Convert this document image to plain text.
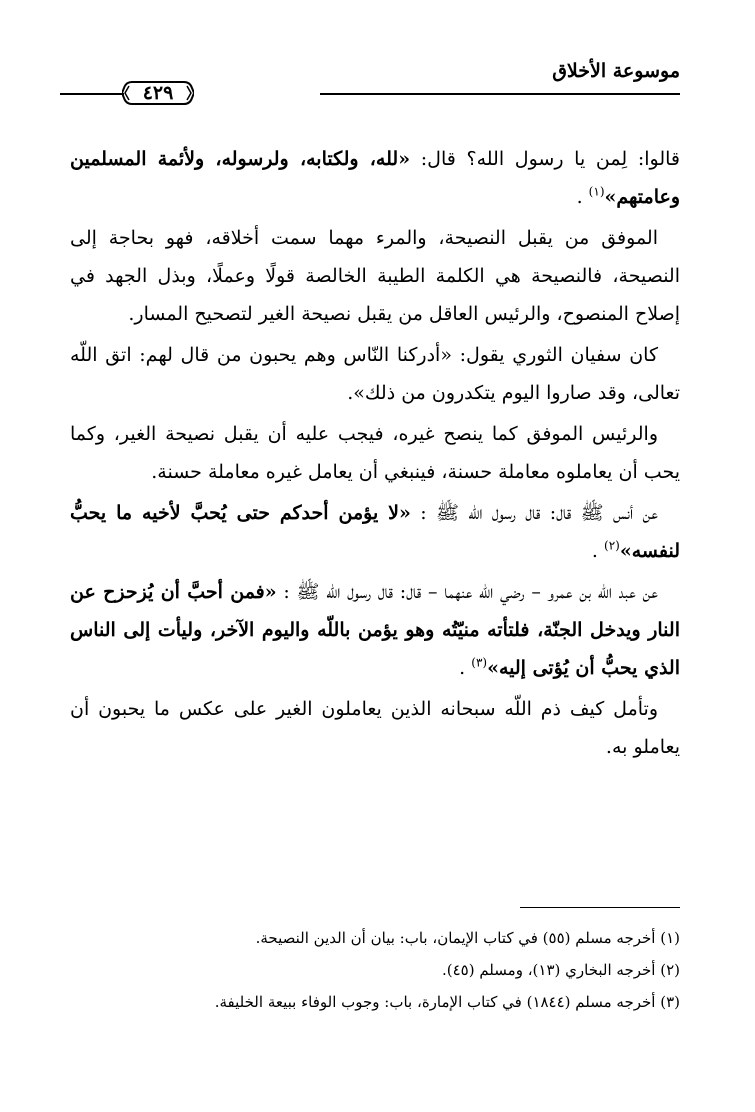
موسوعة الأخلاق
٤٢٩

قالوا: لِمن يا رسول الله؟ قال: «لله، ولكتابه، ولرسوله، ولأئمة المسلمين وعامتهم»$^{(١)}$ .

الموفق من يقبل النصيحة، والمرء مهما سمت أخلاقه، فهو بحاجة إلى النصيحة، فالنصيحة هي الكلمة الطيبة الخالصة قولًا وعملًا، وبذل الجهد في إصلاح المنصوح، والرئيس العاقل من يقبل نصيحة الغير لتصحيح المسار.

كان سفيان الثوري يقول: «أدركنا النّاس وهم يحبون من قال لهم: اتق اللّه تعالى، وقد صاروا اليوم يتكدرون من ذلك».

والرئيس الموفق كما ينصح غيره، فيجب عليه أن يقبل نصيحة الغير، وكما يحب أن يعاملوه معاملة حسنة، فينبغي أن يعامل غيره معاملة حسنة.

عن أنس ﷺ قال: قال رسول اللّه ﷺ : «لا يؤمن أحدكم حتى يُحبَّ لأخيه ما يحبُّ لنفسه»$^{(٢)}$ .

عن عبد اللّه بن عمرو – رضي اللّه عنهما – قال: قال رسول اللّه ﷺ : «فمن أحبَّ أن يُزحزح عن النار ويدخل الجنّة، فلتأته منيّتُه وهو يؤمن باللّه واليوم الآخر، وليأت إلى الناس الذي يحبُّ أن يُؤتى إليه»$^{(٣)}$ .

وتأمل كيف ذم اللّه سبحانه الذين يعاملون الغير على عكس ما يحبون أن يعاملو به.

(١) أخرجه مسلم (٥٥) في كتاب الإيمان، باب: بيان أن الدين النصيحة.

(٢) أخرجه البخاري (١٣)، ومسلم (٤٥).

(٣) أخرجه مسلم (١٨٤٤) في كتاب الإمارة، باب: وجوب الوفاء ببيعة الخليفة.
